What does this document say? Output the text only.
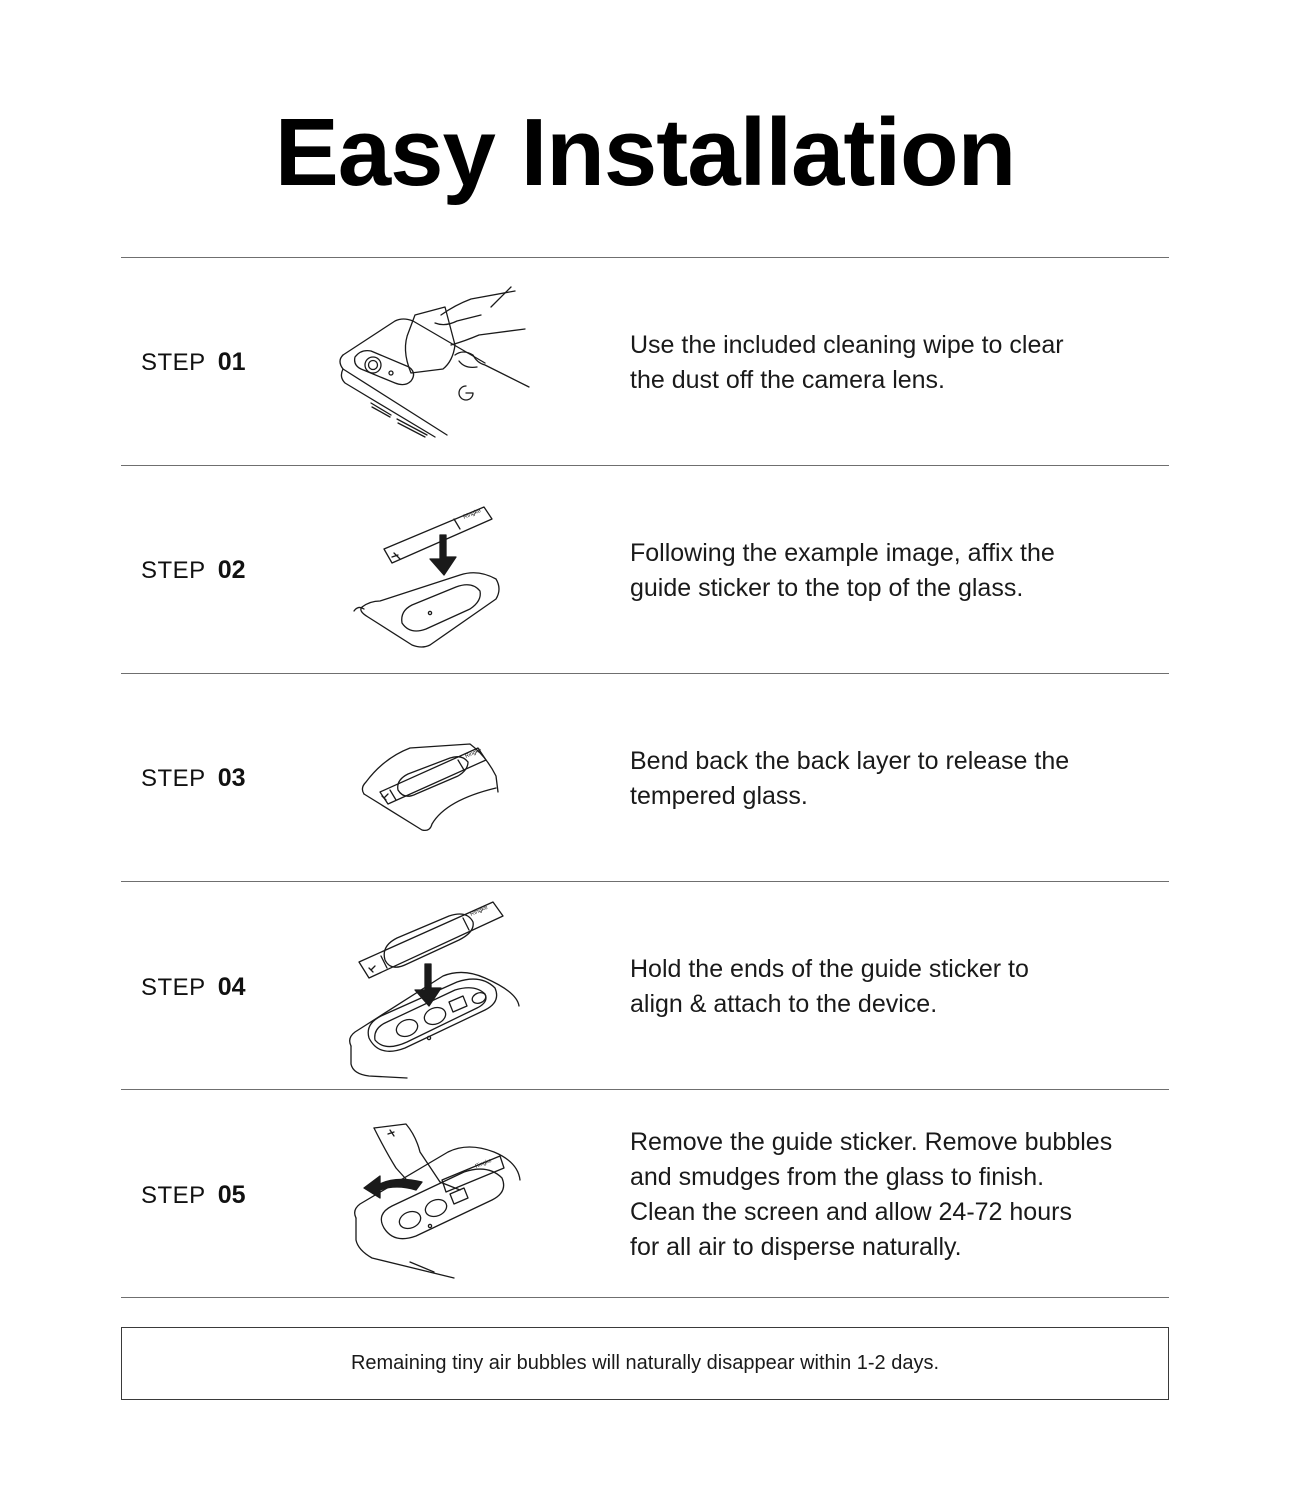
Easy Installation
STEP 01
Use the included cleaning wipe to clear
the dust off the camera lens.
STEP 02
Ringke
Following the example image, affix the
guide sticker to the top of the glass.
STEP 03
Ringke	Bend back the back layer to release the
tempered glass.
STEP 04
Ringke
Hold the ends of the guide sticker to
align & attach to the device.
STEP 05
Ringke
Remove the guide sticker. Remove bubbles
and smudges from the glass to finish.
Clean the screen and allow 24-72 hours
for all air to disperse naturally.
Remaining tiny air bubbles will naturally disappear within 1-2 days.
